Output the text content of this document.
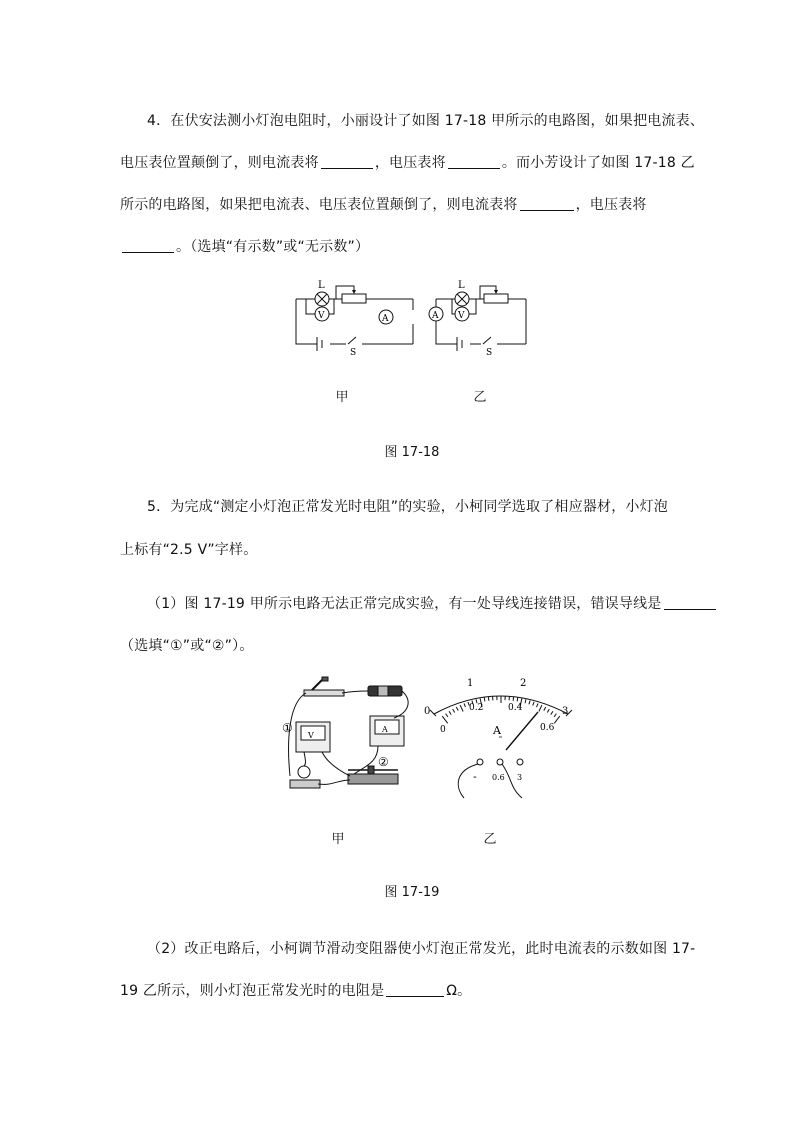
4．在伏安法测小灯泡电阻时，小丽设计了如图 17-18 甲所示的电路图，如果把电流表、
电压表位置颠倒了，则电流表将	，电压表将	。而小芳设计了如图 17-18 乙
所示的电路图，如果把电流表、电压表位置颠倒了，则电流表将	，电压表将
。（选填“有示数”或“无示数”）
L
V	A
S
甲
L
V
A
S
乙
图 17-18
5．为完成“测定小灯泡正常发光时电阻”的实验，小柯同学选取了相应器材，小灯泡
上标有“2.5 V”字样。
（1）图 17-19 甲所示电路无法正常完成实验，有一处导线连接错误，错误导线是
（选填“①”或“②”）。
V
A
①
②
甲
0
1	2
3
0
0.2	0.4
0.6
A
- 0.6 3
乙
图 17-19
（2）改正电路后，小柯调节滑动变阻器使小灯泡正常发光，此时电流表的示数如图 17-
19 乙所示，则小灯泡正常发光时的电阻是	Ω。
